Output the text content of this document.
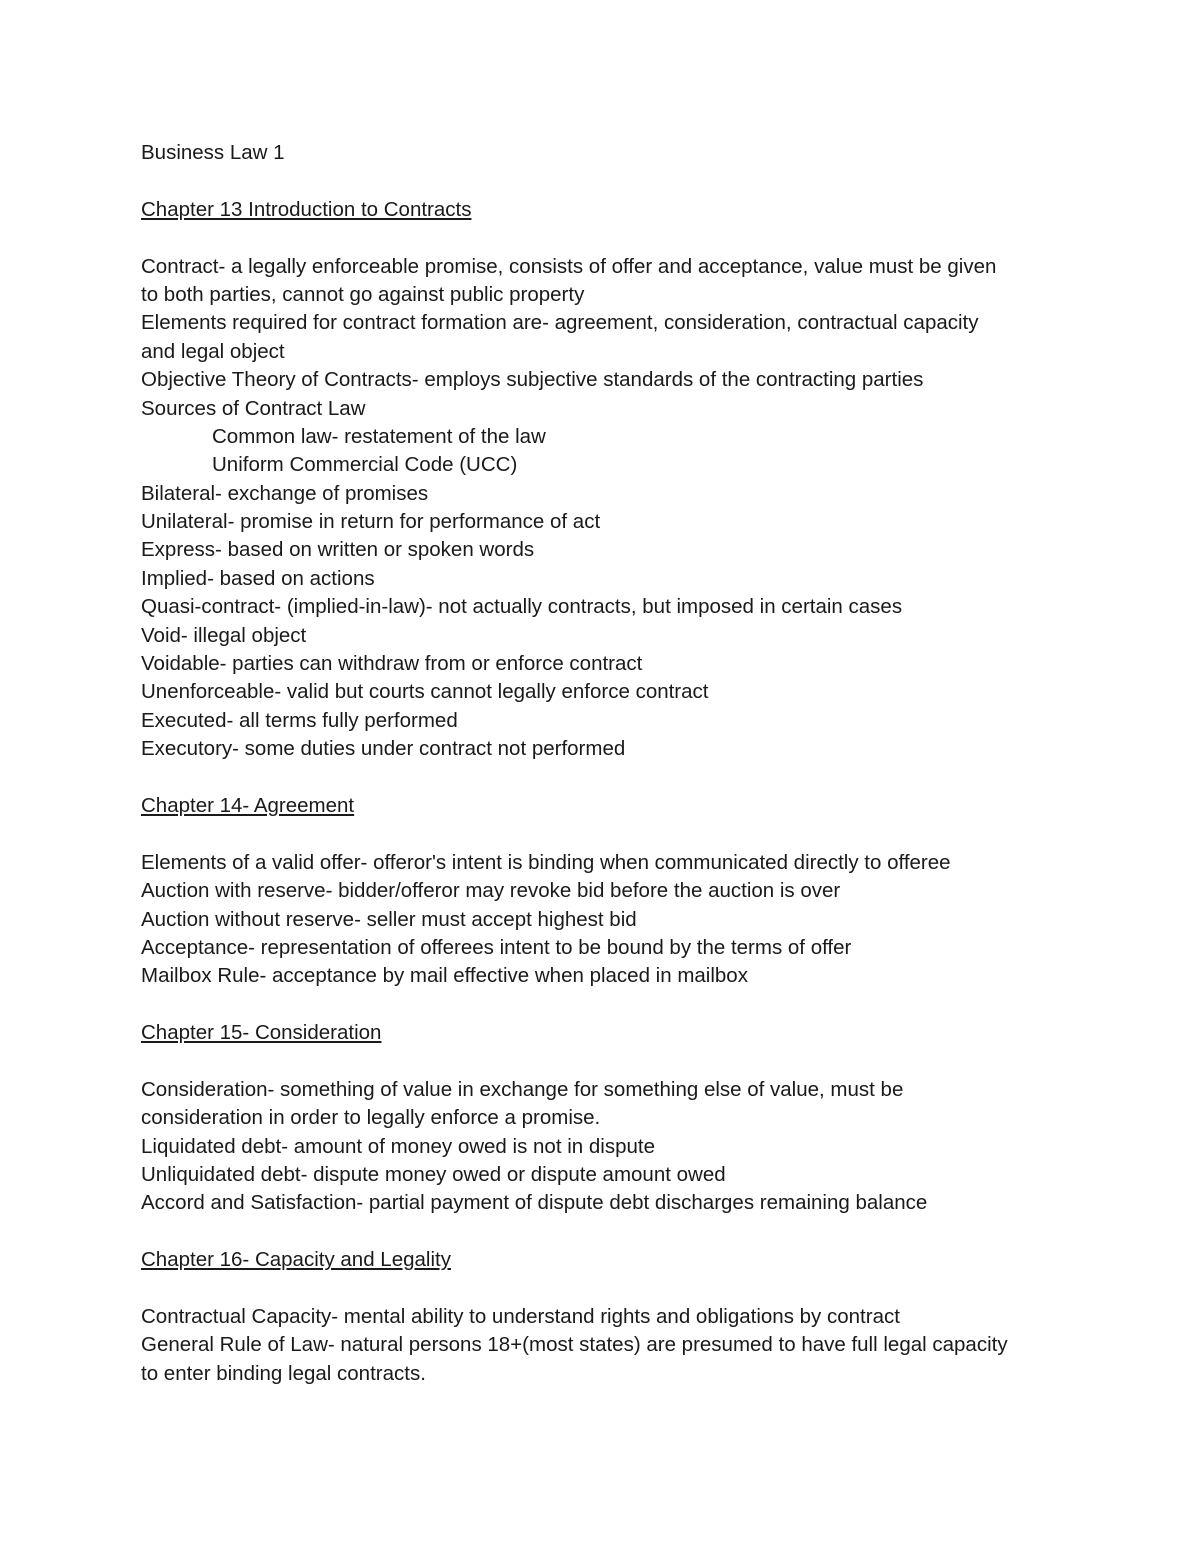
Business Law 1
Chapter 13 Introduction to Contracts
Contract- a legally enforceable promise, consists of offer and acceptance, value must be given
to both parties, cannot go against public property
Elements required for contract formation are- agreement, consideration, contractual capacity
and legal object
Objective Theory of Contracts- employs subjective standards of the contracting parties
Sources of Contract Law
Common law- restatement of the law
Uniform Commercial Code (UCC)
Bilateral- exchange of promises
Unilateral- promise in return for performance of act
Express- based on written or spoken words
Implied- based on actions
Quasi-contract- (implied-in-law)- not actually contracts, but imposed in certain cases
Void- illegal object
Voidable- parties can withdraw from or enforce contract
Unenforceable- valid but courts cannot legally enforce contract
Executed- all terms fully performed
Executory- some duties under contract not performed
Chapter 14- Agreement
Elements of a valid offer- offeror's intent is binding when communicated directly to offeree
Auction with reserve- bidder/offeror may revoke bid before the auction is over
Auction without reserve- seller must accept highest bid
Acceptance- representation of offerees intent to be bound by the terms of offer
Mailbox Rule- acceptance by mail effective when placed in mailbox
Chapter 15- Consideration
Consideration- something of value in exchange for something else of value, must be
consideration in order to legally enforce a promise.
Liquidated debt- amount of money owed is not in dispute
Unliquidated debt- dispute money owed or dispute amount owed
Accord and Satisfaction- partial payment of dispute debt discharges remaining balance
Chapter 16- Capacity and Legality
Contractual Capacity- mental ability to understand rights and obligations by contract
General Rule of Law- natural persons 18+(most states) are presumed to have full legal capacity
to enter binding legal contracts.
